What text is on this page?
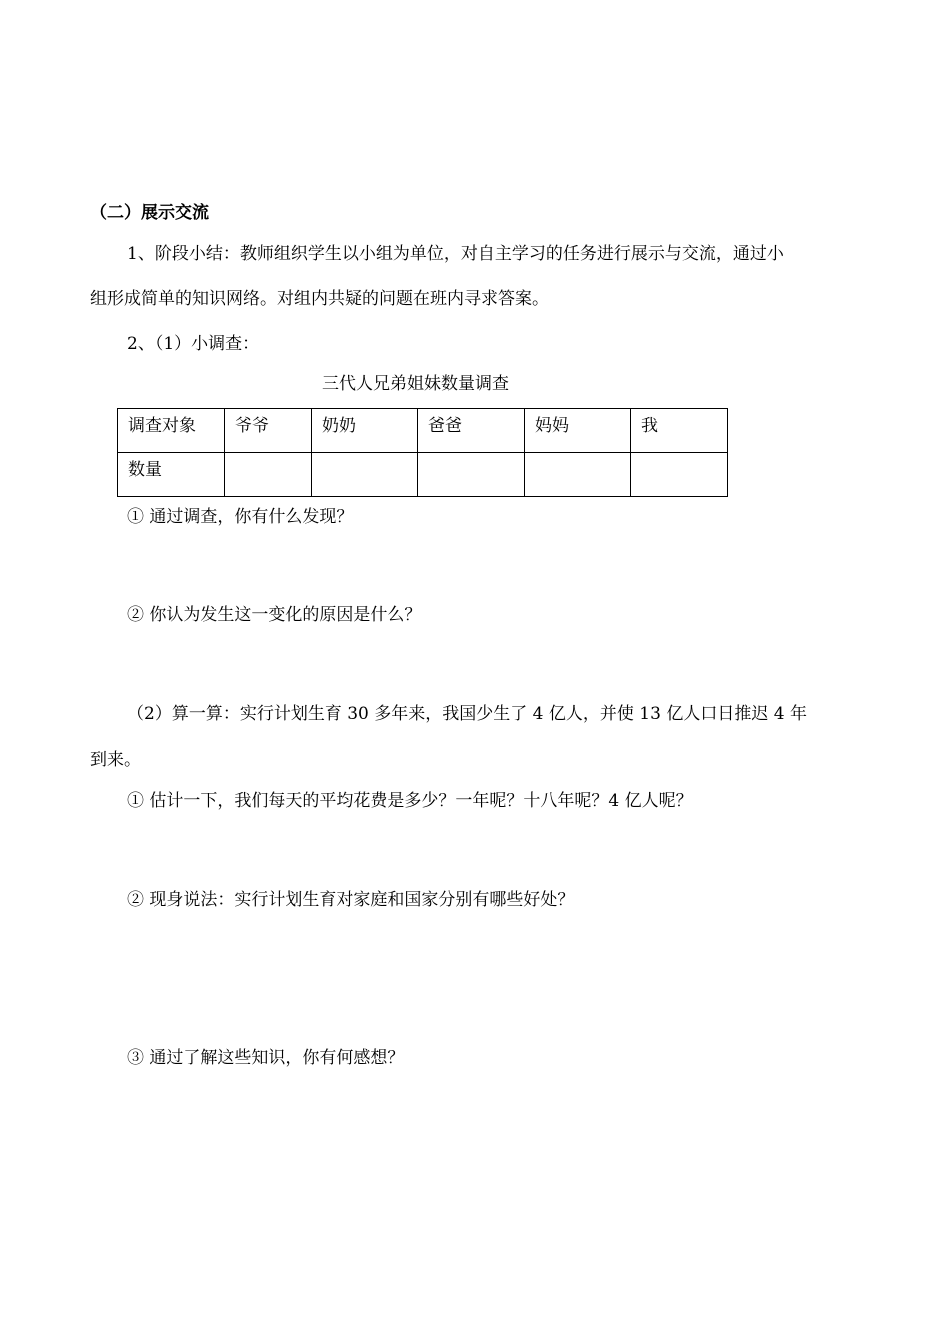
（二）展示交流

1、阶段小结：教师组织学生以小组为单位，对自主学习的任务进行展示与交流，通过小

组形成简单的知识网络。对组内共疑的问题在班内寻求答案。

2、（1）小调查：

三代人兄弟姐妹数量调查

调查对象	爷爷	奶奶	爸爸	妈妈	我
数量					

① 通过调查，你有什么发现？

② 你认为发生这一变化的原因是什么？

（2）算一算：实行计划生育 30 多年来，我国少生了 4 亿人，并使 13 亿人口日推迟 4 年

到来。

① 估计一下，我们每天的平均花费是多少？一年呢？十八年呢？4 亿人呢？

② 现身说法：实行计划生育对家庭和国家分别有哪些好处？

③ 通过了解这些知识，你有何感想？
